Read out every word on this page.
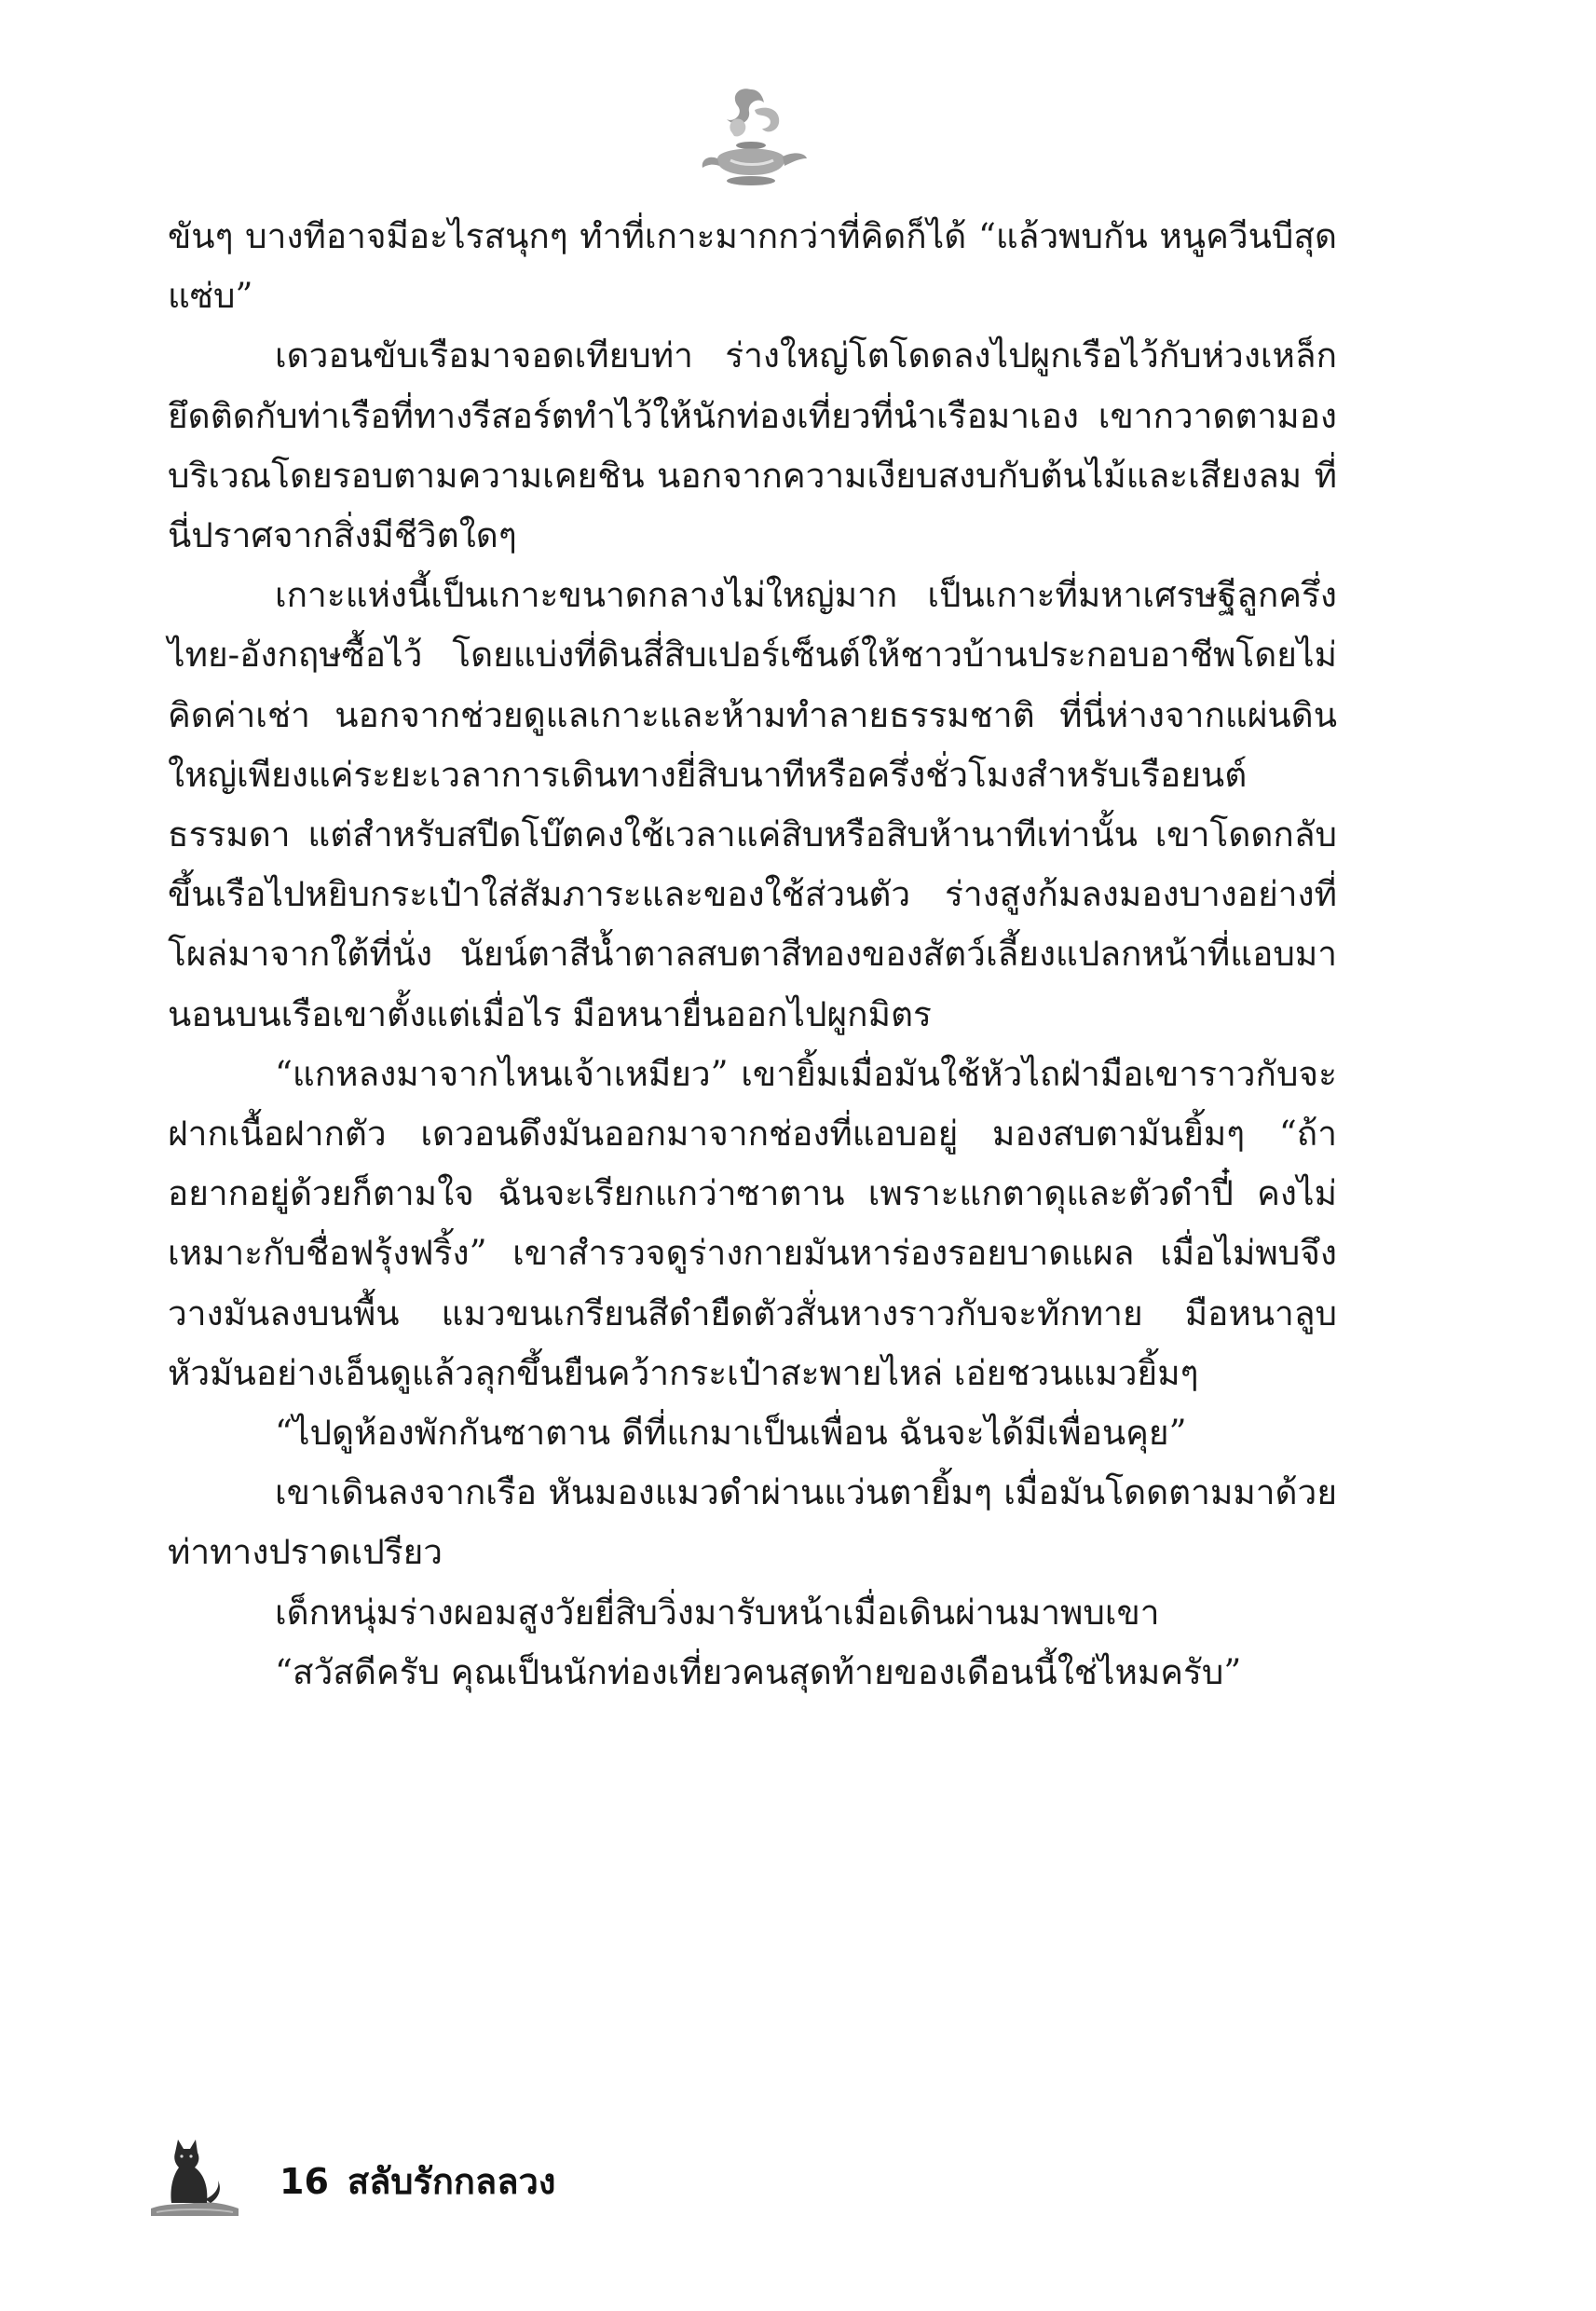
ขันๆ บางทีอาจมีอะไรสนุกๆ ทำที่เกาะมากกว่าที่คิดก็ได้ “แล้วพบกัน หนูควีนบีสุดแซ่บ”

เดวอนขับเรือมาจอดเทียบท่า ร่างใหญ่โตโดดลงไปผูกเรือไว้กับห่วงเหล็กยึดติดกับท่าเรือที่ทางรีสอร์ตทำไว้ให้นักท่องเที่ยวที่นำเรือมาเอง เขากวาดตามองบริเวณโดยรอบตามความเคยชิน นอกจากความเงียบสงบกับต้นไม้และเสียงลม ที่นี่ปราศจากสิ่งมีชีวิตใดๆ

เกาะแห่งนี้เป็นเกาะขนาดกลางไม่ใหญ่มาก เป็นเกาะที่มหาเศรษฐีลูกครึ่งไทย-อังกฤษซื้อไว้ โดยแบ่งที่ดินสี่สิบเปอร์เซ็นต์ให้ชาวบ้านประกอบอาชีพโดยไม่คิดค่าเช่า นอกจากช่วยดูแลเกาะและห้ามทำลายธรรมชาติ ที่นี่ห่างจากแผ่นดินใหญ่เพียงแค่ระยะเวลาการเดินทางยี่สิบนาทีหรือครึ่งชั่วโมงสำหรับเรือยนต์ธรรมดา แต่สำหรับสปีดโบ๊ตคงใช้เวลาแค่สิบหรือสิบห้านาทีเท่านั้น เขาโดดกลับขึ้นเรือไปหยิบกระเป๋าใส่สัมภาระและของใช้ส่วนตัว ร่างสูงก้มลงมองบางอย่างที่โผล่มาจากใต้ที่นั่ง นัยน์ตาสีน้ำตาลสบตาสีทองของสัตว์เลี้ยงแปลกหน้าที่แอบมานอนบนเรือเขาตั้งแต่เมื่อไร มือหนายื่นออกไปผูกมิตร

“แกหลงมาจากไหนเจ้าเหมียว” เขายิ้มเมื่อมันใช้หัวไถฝ่ามือเขาราวกับจะฝากเนื้อฝากตัว เดวอนดึงมันออกมาจากช่องที่แอบอยู่ มองสบตามันยิ้มๆ “ถ้าอยากอยู่ด้วยก็ตามใจ ฉันจะเรียกแกว่าซาตาน เพราะแกตาดุและตัวดำปี๋ คงไม่เหมาะกับชื่อฟรุ้งฟริ้ง” เขาสำรวจดูร่างกายมันหาร่องรอยบาดแผล เมื่อไม่พบจึงวางมันลงบนพื้น แมวขนเกรียนสีดำยืดตัวสั่นหางราวกับจะทักทาย มือหนาลูบหัวมันอย่างเอ็นดูแล้วลุกขึ้นยืนคว้ากระเป๋าสะพายไหล่ เอ่ยชวนแมวยิ้มๆ

“ไปดูห้องพักกันซาตาน ดีที่แกมาเป็นเพื่อน ฉันจะได้มีเพื่อนคุย”

เขาเดินลงจากเรือ หันมองแมวดำผ่านแว่นตายิ้มๆ เมื่อมันโดดตามมาด้วยท่าทางปราดเปรียว

เด็กหนุ่มร่างผอมสูงวัยยี่สิบวิ่งมารับหน้าเมื่อเดินผ่านมาพบเขา

“สวัสดีครับ คุณเป็นนักท่องเที่ยวคนสุดท้ายของเดือนนี้ใช่ไหมครับ”

16 สลับรักกลลวง
